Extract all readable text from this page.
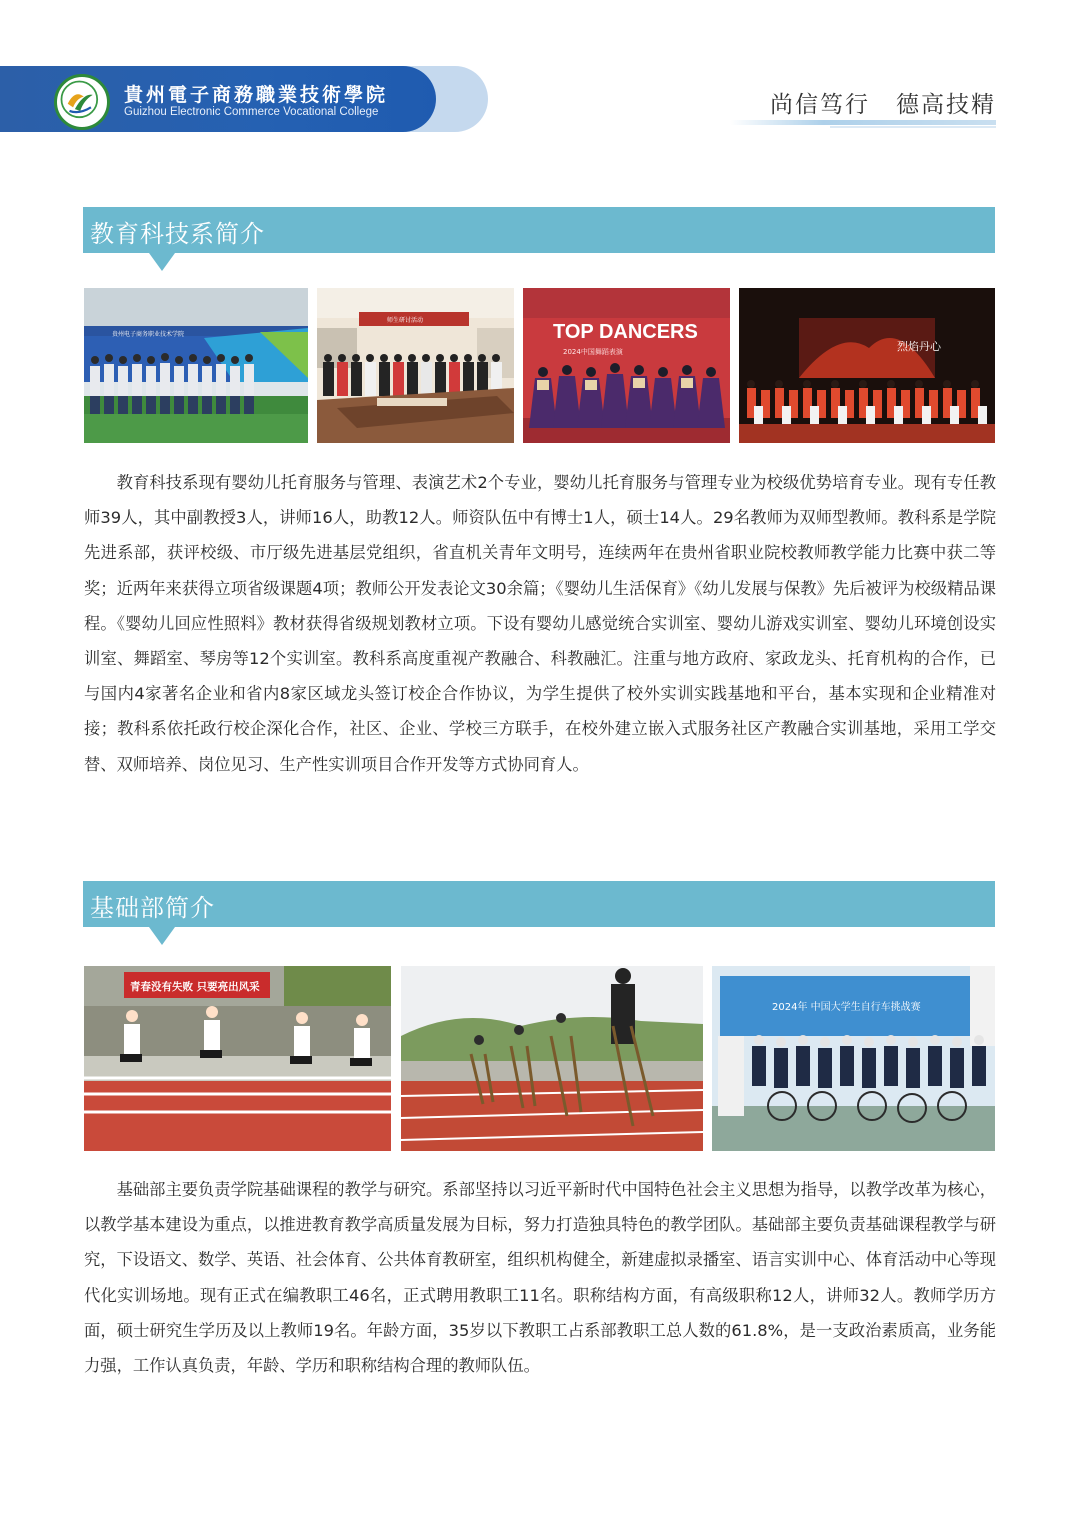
貴州電子商務職業技術學院
Guizhou Electronic Commerce Vocational College	尚信笃行 德高技精
教育科技系简介
贵州电子商务职业技术学院
师生研讨活动
TOP DANCERS
2024中国舞蹈表演	烈焰丹心

教育科技系现有婴幼儿托育服务与管理、表演艺术2个专业，婴幼儿托育服务与管理专业为校级优势培育专业。现有专任教师39人，其中副教授3人，讲师16人，助教12人。师资队伍中有博士1人，硕士14人。29名教师为双师型教师。教科系是学院先进系部，获评校级、市厅级先进基层党组织，省直机关青年文明号，连续两年在贵州省职业院校教师教学能力比赛中获二等奖；近两年来获得立项省级课题4项；教师公开发表论文30余篇；《婴幼儿生活保育》《幼儿发展与保教》先后被评为校级精品课程。《婴幼儿回应性照料》教材获得省级规划教材立项。下设有婴幼儿感觉统合实训室、婴幼儿游戏实训室、婴幼儿环境创设实训室、舞蹈室、琴房等12个实训室。教科系高度重视产教融合、科教融汇。注重与地方政府、家政龙头、托育机构的合作，已与国内4家著名企业和省内8家区域龙头签订校企合作协议，为学生提供了校外实训实践基地和平台，基本实现和企业精准对接；教科系依托政行校企深化合作，社区、企业、学校三方联手，在校外建立嵌入式服务社区产教融合实训基地，采用工学交替、双师培养、岗位见习、生产性实训项目合作开发等方式协同育人。

基础部简介
青春没有失败 只要亮出风采
2024年 中国大学生自行车挑战赛

基础部主要负责学院基础课程的教学与研究。系部坚持以习近平新时代中国特色社会主义思想为指导，以教学改革为核心，以教学基本建设为重点，以推进教育教学高质量发展为目标，努力打造独具特色的教学团队。基础部主要负责基础课程教学与研究，下设语文、数学、英语、社会体育、公共体育教研室，组织机构健全，新建虚拟录播室、语言实训中心、体育活动中心等现代化实训场地。现有正式在编教职工46名，正式聘用教职工11名。职称结构方面，有高级职称12人，讲师32人。教师学历方面，硕士研究生学历及以上教师19名。年龄方面，35岁以下教职工占系部教职工总人数的61.8%，是一支政治素质高，业务能力强，工作认真负责，年龄、学历和职称结构合理的教师队伍。
